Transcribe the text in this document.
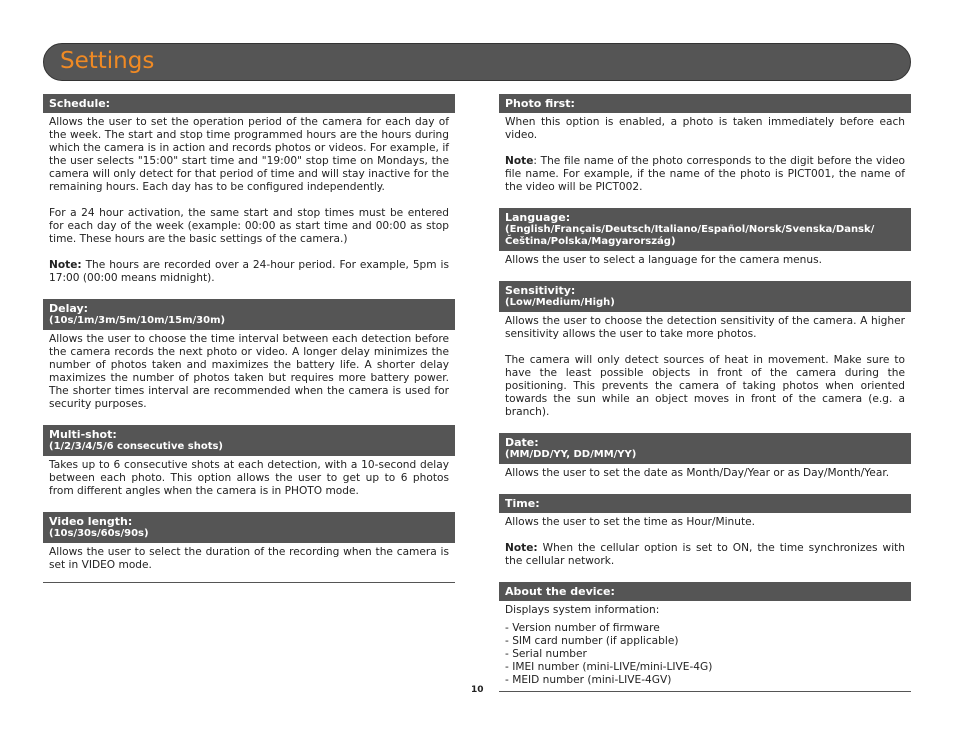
Settings
Schedule:

Allows the user to set the operation period of the camera for each day of the week. The start and stop time programmed hours are the hours during which the camera is in action and records photos or videos. For example, if the user selects "15:00" start time and "19:00" stop time on Mondays, the camera will only detect for that period of time and will stay inactive for the remaining hours. Each day has to be configured independently.

For a 24 hour activation, the same start and stop times must be entered for each day of the week (example: 00:00 as start time and 00:00 as stop time. These hours are the basic settings of the camera.)

Note: The hours are recorded over a 24-hour period. For example, 5pm is 17:00 (00:00 means midnight).

Delay:
(10s/1m/3m/5m/10m/15m/30m)

Allows the user to choose the time interval between each detection before the camera records the next photo or video. A longer delay minimizes the number of photos taken and maximizes the battery life. A shorter delay maximizes the number of photos taken but requires more battery power. The shorter times interval are recommended when the camera is used for security purposes.

Multi-shot:
(1/2/3/4/5/6 consecutive shots)

Takes up to 6 consecutive shots at each detection, with a 10-second delay between each photo. This option allows the user to get up to 6 photos from different angles when the camera is in PHOTO mode.

Video length:
(10s/30s/60s/90s)

Allows the user to select the duration of the recording when the camera is set in VIDEO mode.

Photo first:

When this option is enabled, a photo is taken immediately before each video.

Note: The file name of the photo corresponds to the digit before the video file name. For example, if the name of the photo is PICT001, the name of the video will be PICT002.

Language:
(English/Français/Deutsch/Italiano/Español/Norsk/Svenska/Dansk/ Čeština/Polska/Magyarország)

Allows the user to select a language for the camera menus.

Sensitivity:
(Low/Medium/High)

Allows the user to choose the detection sensitivity of the camera. A higher sensitivity allows the user to take more photos.

The camera will only detect sources of heat in movement. Make sure to have the least possible objects in front of the camera during the positioning. This prevents the camera of taking photos when oriented towards the sun while an object moves in front of the camera (e.g. a branch).

Date:
(MM/DD/YY, DD/MM/YY)

Allows the user to set the date as Month/Day/Year or as Day/Month/Year.

Time:

Allows the user to set the time as Hour/Minute.

Note: When the cellular option is set to ON, the time synchronizes with the cellular network.

About the device:

Displays system information:

- Version number of firmware
- SIM card number (if applicable)
- Serial number
- IMEI number (mini-LIVE/mini-LIVE-4G)
- MEID number (mini-LIVE-4GV)
10
